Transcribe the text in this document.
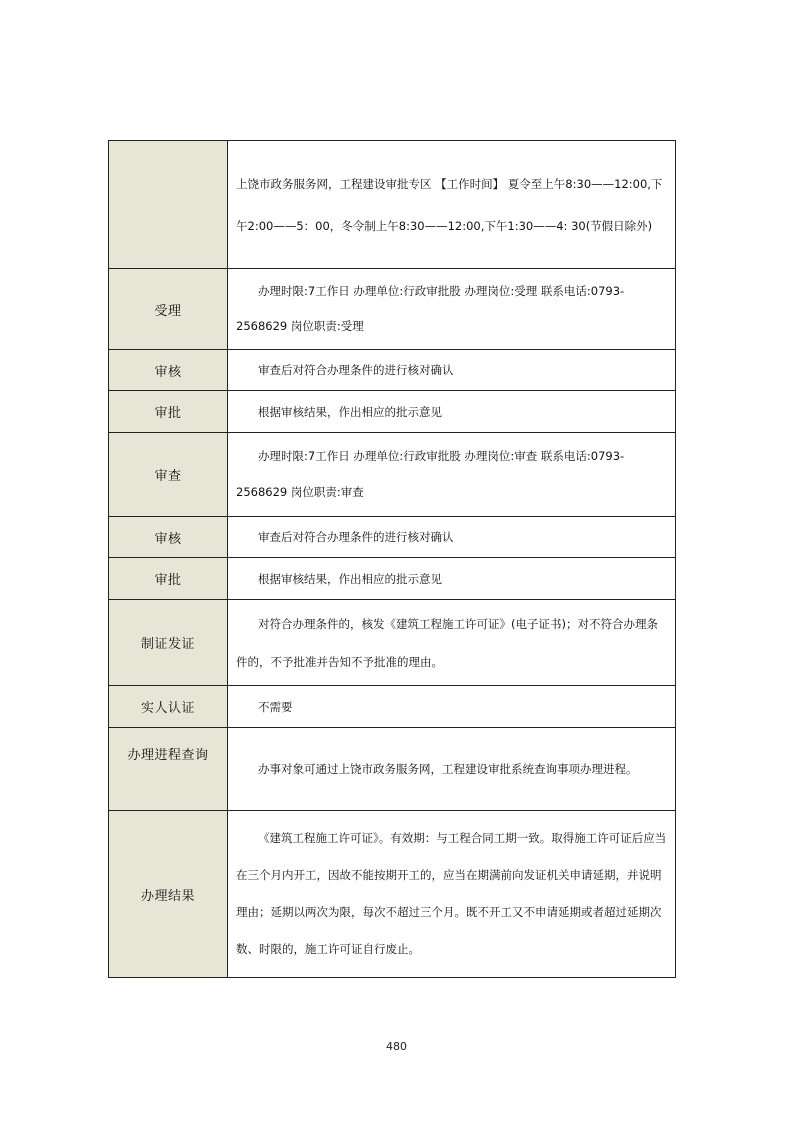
	上饶市政务服务网，工程建设审批专区 【工作时间】 夏令至上午8:30——12:00,下午2:00——5：00，冬令制上午8:30——12:00,下午1:30——4: 30(节假日除外)

受理	办理时限:7工作日 办理单位:行政审批股 办理岗位:受理 联系电话:0793-2568629 岗位职责:受理

审核	审查后对符合办理条件的进行核对确认
审批	根据审核结果，作出相应的批示意见
审查	办理时限:7工作日 办理单位:行政审批股 办理岗位:审查 联系电话:0793-2568629 岗位职责:审查

审核	审查后对符合办理条件的进行核对确认
审批	根据审核结果，作出相应的批示意见
制证发证	对符合办理条件的，核发《建筑工程施工许可证》(电子证书)；对不符合办理条件的，不予批准并告知不予批准的理由。

实人认证	不需要
办理进程查询	办事对象可通过上饶市政务服务网，工程建设审批系统查询事项办理进程。
办理结果	《建筑工程施工许可证》。有效期：与工程合同工期一致。取得施工许可证后应当在三个月内开工，因故不能按期开工的，应当在期满前向发证机关申请延期，并说明理由；延期以两次为限，每次不超过三个月。既不开工又不申请延期或者超过延期次数、时限的，施工许可证自行废止。

480
